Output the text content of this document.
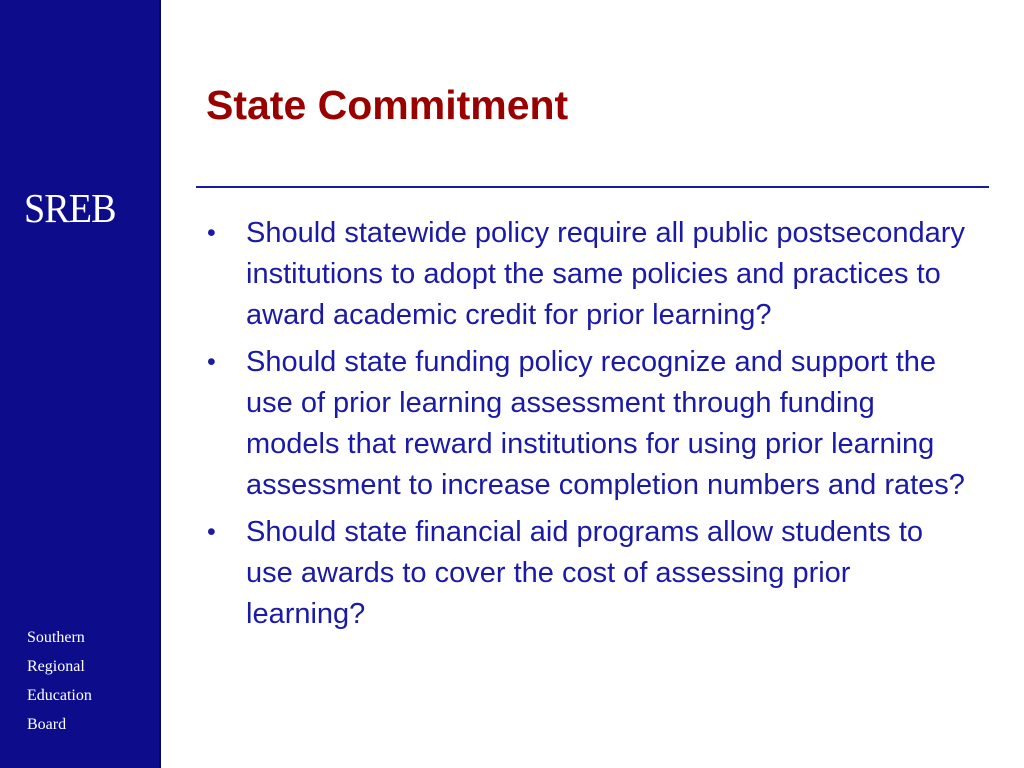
SREB
Southern
Regional
Education
Board
State Commitment
• Should statewide policy require all public postsecondary institutions to adopt the same policies and practices to award academic credit for prior learning?
• Should state funding policy recognize and support the use of prior learning assessment through funding models that reward institutions for using prior learning assessment to increase completion numbers and rates?
• Should state financial aid programs allow students to use awards to cover the cost of assessing prior learning?
